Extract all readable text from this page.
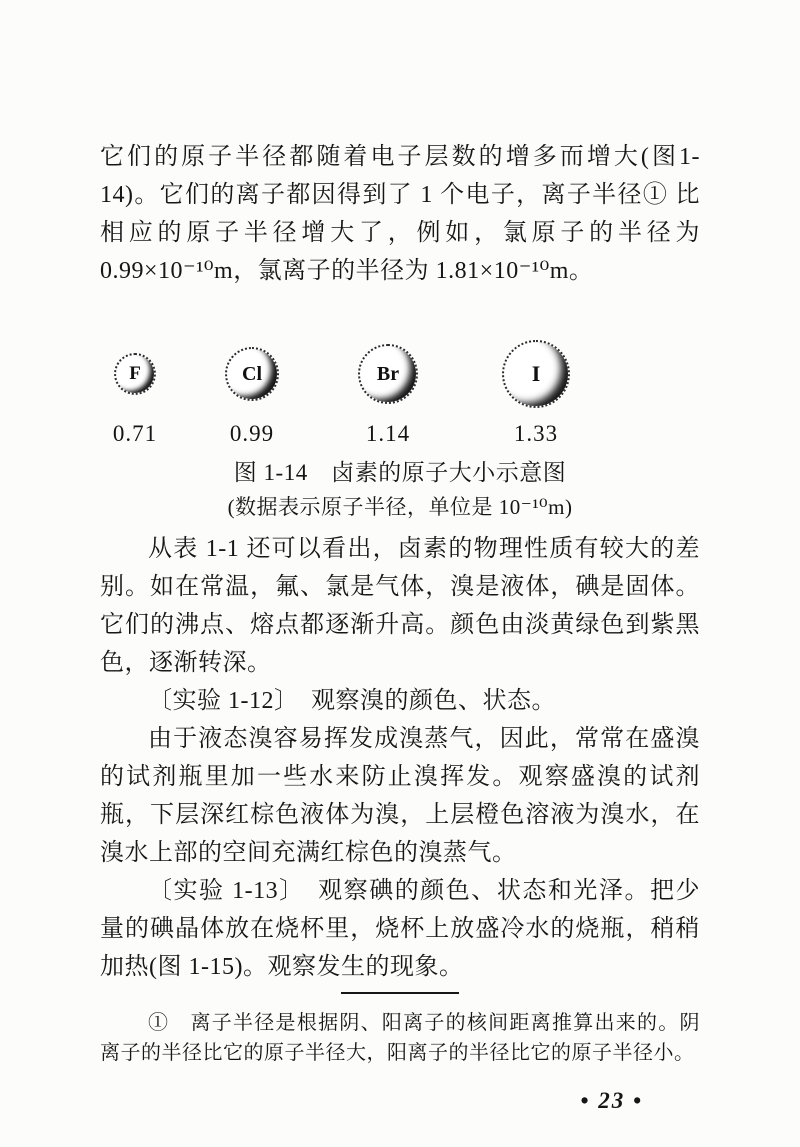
它们的原子半径都随着电子层数的增多而增大(图1-14)。它们的离子都因得到了 1 个电子，离子半径① 比相应的原子半径增大了，例如，氯原子的半径为 0.99×10⁻¹⁰m，氯离子的半径为 1.81×10⁻¹⁰m。

F
0.71
Cl
0.99
Br
1.14
I
1.33
图 1-14　卤素的原子大小示意图
(数据表示原子半径，单位是 10⁻¹⁰m)

从表 1-1 还可以看出，卤素的物理性质有较大的差别。如在常温，氟、氯是气体，溴是液体，碘是固体。它们的沸点、熔点都逐渐升高。颜色由淡黄绿色到紫黑色，逐渐转深。

〔实验 1-12〕　观察溴的颜色、状态。

由于液态溴容易挥发成溴蒸气，因此，常常在盛溴的试剂瓶里加一些水来防止溴挥发。观察盛溴的试剂瓶，下层深红棕色液体为溴，上层橙色溶液为溴水，在溴水上部的空间充满红棕色的溴蒸气。

〔实验 1-13〕　观察碘的颜色、状态和光泽。把少量的碘晶体放在烧杯里，烧杯上放盛冷水的烧瓶，稍稍加热(图 1-15)。观察发生的现象。

①　离子半径是根据阴、阳离子的核间距离推算出来的。阴离子的半径比它的原子半径大，阳离子的半径比它的原子半径小。

• 23 •
